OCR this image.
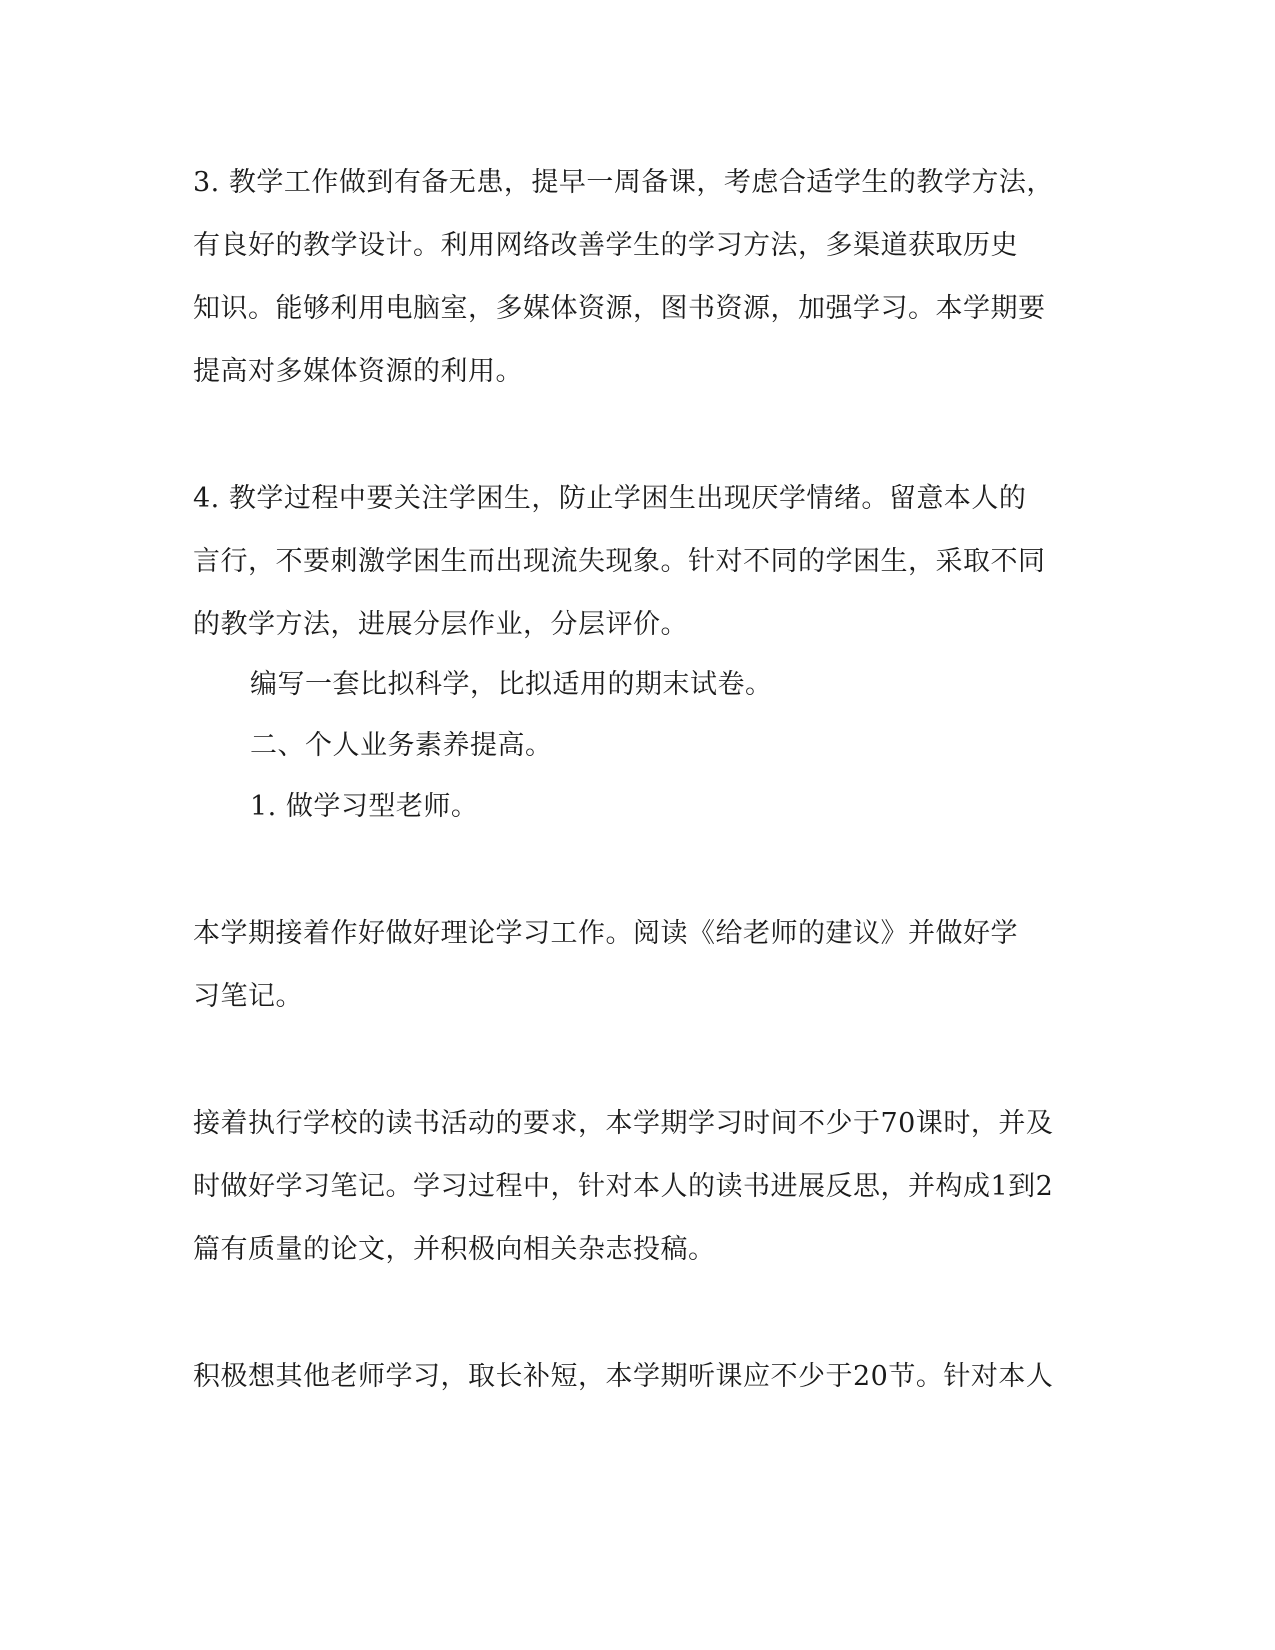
3. 教学工作做到有备无患，提早一周备课，考虑合适学生的教学方法，
有良好的教学设计。利用网络改善学生的学习方法，多渠道获取历史
知识。能够利用电脑室，多媒体资源，图书资源，加强学习。本学期要
提高对多媒体资源的利用。
4. 教学过程中要关注学困生，防止学困生出现厌学情绪。留意本人的
言行，不要刺激学困生而出现流失现象。针对不同的学困生，采取不同
的教学方法，进展分层作业，分层评价。
编写一套比拟科学，比拟适用的期末试卷。
二、个人业务素养提高。
1. 做学习型老师。
本学期接着作好做好理论学习工作。阅读《给老师的建议》并做好学
习笔记。
接着执行学校的读书活动的要求，本学期学习时间不少于70课时，并及
时做好学习笔记。学习过程中，针对本人的读书进展反思，并构成1到2
篇有质量的论文，并积极向相关杂志投稿。
积极想其他老师学习，取长补短，本学期听课应不少于20节。针对本人
